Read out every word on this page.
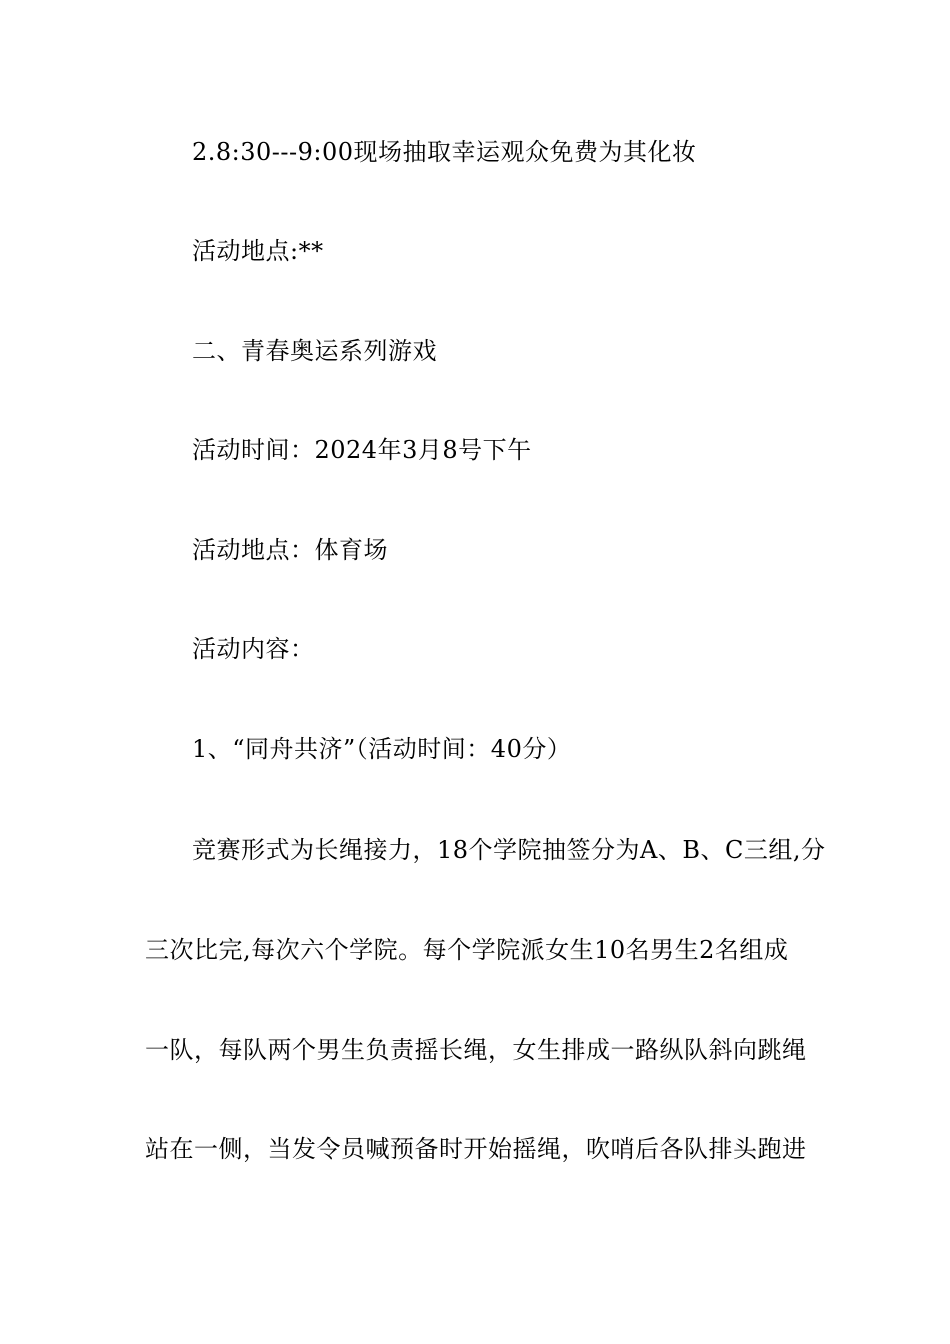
2.8:30---9:00现场抽取幸运观众免费为其化妆
活动地点:**
二、青春奥运系列游戏
活动时间：2024年3月8号下午
活动地点：体育场
活动内容：
1、“同舟共济”（活动时间：40分）
竞赛形式为长绳接力，18个学院抽签分为A、B、C三组,分
三次比完,每次六个学院。每个学院派女生10名男生2名组成
一队，每队两个男生负责摇长绳，女生排成一路纵队斜向跳绳
站在一侧，当发令员喊预备时开始摇绳，吹哨后各队排头跑进
